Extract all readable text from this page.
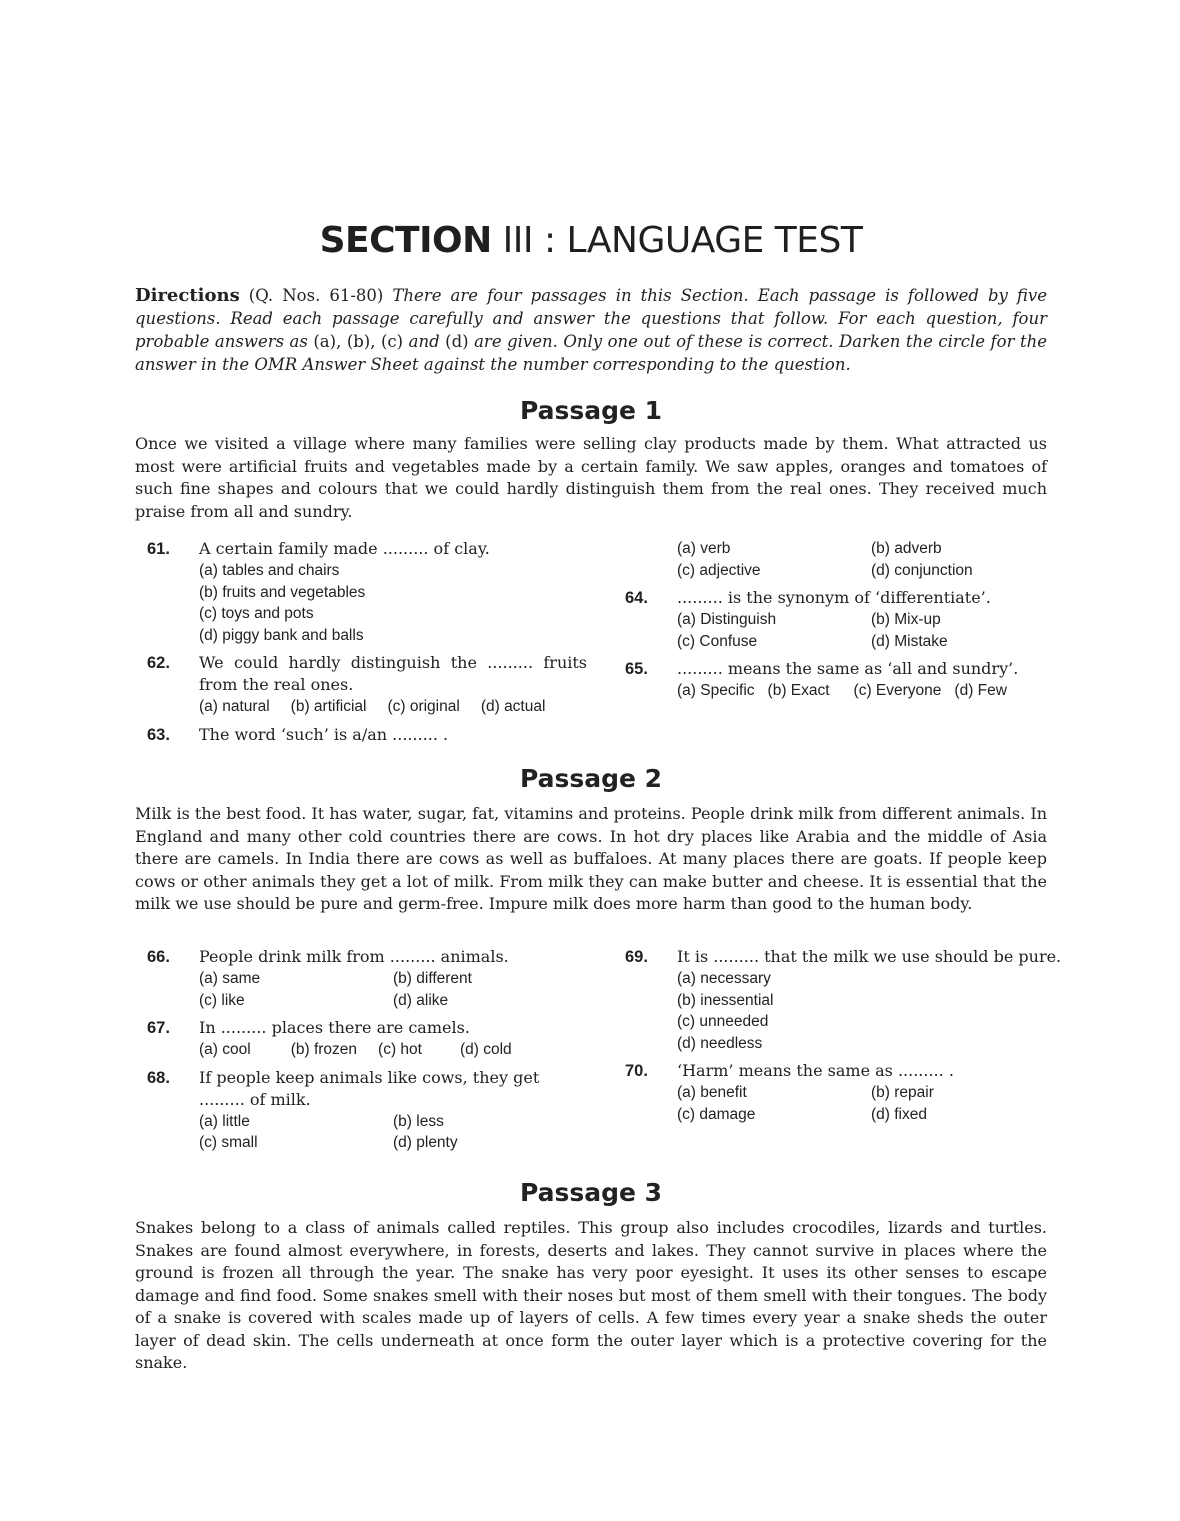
SECTION III : LANGUAGE TEST
Directions (Q. Nos. 61-80) There are four passages in this Section. Each passage is followed by five questions. Read each passage carefully and answer the questions that follow. For each question, four probable answers as (a), (b), (c) and (d) are given. Only one out of these is correct. Darken the circle for the answer in the OMR Answer Sheet against the number corresponding to the question.
Passage 1
Once we visited a village where many families were selling clay products made by them. What attracted us most were artificial fruits and vegetables made by a certain family. We saw apples, oranges and tomatoes of such fine shapes and colours that we could hardly distinguish them from the real ones. They received much praise from all and sundry.
61. A certain family made ......... of clay.
(a) tables and chairs
(b) fruits and vegetables
(c) toys and pots
(d) piggy bank and balls
62. We could hardly distinguish the ......... fruits from the real ones.
(a) natural (b) artificial (c) original (d) actual
63. The word ‘such’ is a/an ......... .
(a) verb	(b) adverb
(c) adjective	(d) conjunction
64. ......... is the synonym of ‘differentiate’.
(a) Distinguish	(b) Mix-up
(c) Confuse	(d) Mistake
65. ......... means the same as ‘all and sundry’.
(a) Specific (b) Exact (c) Everyone (d) Few
Passage 2
Milk is the best food. It has water, sugar, fat, vitamins and proteins. People drink milk from different animals. In England and many other cold countries there are cows. In hot dry places like Arabia and the middle of Asia there are camels. In India there are cows as well as buffaloes. At many places there are goats. If people keep cows or other animals they get a lot of milk. From milk they can make butter and cheese. It is essential that the milk we use should be pure and germ-free. Impure milk does more harm than good to the human body.
66. People drink milk from ......... animals.
(a) same	(b) different
(c) like	(d) alike
67. In ......... places there are camels.
(a) cool	(b) frozen (c) hot (d) cold
68. If people keep animals like cows, they get ......... of milk.
(a) little	(b) less
(c) small	(d) plenty
69. It is ......... that the milk we use should be pure.
(a) necessary
(b) inessential
(c) unneeded
(d) needless
70. ‘Harm’ means the same as ......... .
(a) benefit	(b) repair
(c) damage	(d) fixed
Passage 3
Snakes belong to a class of animals called reptiles. This group also includes crocodiles, lizards and turtles. Snakes are found almost everywhere, in forests, deserts and lakes. They cannot survive in places where the ground is frozen all through the year. The snake has very poor eyesight. It uses its other senses to escape damage and find food. Some snakes smell with their noses but most of them smell with their tongues. The body of a snake is covered with scales made up of layers of cells. A few times every year a snake sheds the outer layer of dead skin. The cells underneath at once form the outer layer which is a protective covering for the snake.
